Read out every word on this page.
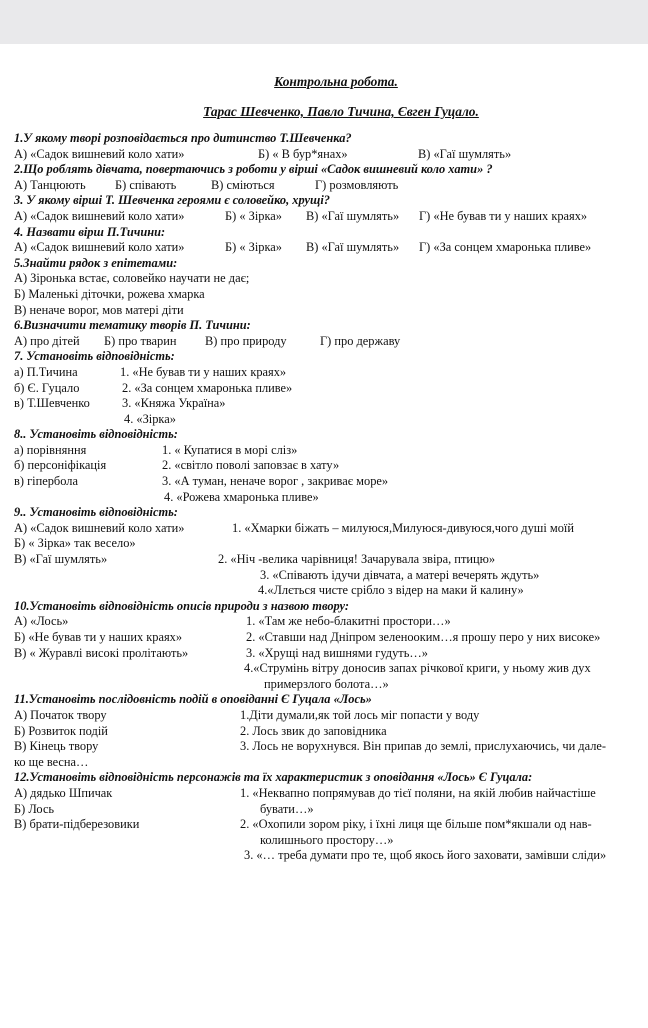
Контрольна робота.
Тарас Шевченко, Павло Тичина, Євген Гуцало.
1.У якому творі розповідається про дитинство Т.Шевченка?
А) «Садок вишневий коло хати»	Б) « В бур*янах»	В) «Гаї шумлять»
2.Що роблять дівчата, повертаючись з роботи у вірші «Садок вишневий коло хати» ?
А) Танцюють Б) співають	В) сміються	Г) розмовляють
3. У якому вірші Т. Шевченка героями є соловейко, хрущі?
А) «Садок вишневий коло хати»	Б) « Зірка» В) «Гаї шумлять» Г) «Не бував ти у наших краях»
4. Назвати вірш П.Тичини:
А) «Садок вишневий коло хати»	Б) « Зірка» В) «Гаї шумлять» Г) «За сонцем хмаронька пливе»
5.Знайти рядок з епітетами:
А) Зіронька встає, соловейко научати не дає;
Б) Маленькі діточки, рожева хмарка
В) неначе ворог, мов матері діти
6.Визначити тематику творів П. Тичини:
А) про дітей Б) про тварин В) про природу	Г) про державу
7. Установіть відповідність:
а) П.Тичина	1. «Не бував ти у наших краях»
б) Є. Гуцало	2. «За сонцем хмаронька пливе»
в) Т.Шевченко	3. «Княжа Україна»
4. «Зірка»
8.. Установіть відповідність:
а) порівняння	1. « Купатися в морі сліз»
б) персоніфікація	2. «світло поволі заповзає в хату»
в) гіпербола	3. «А туман, неначе ворог , закриває море»
4. «Рожева хмаронька пливе»
9.. Установіть відповідність:
А) «Садок вишневий коло хати»	1. «Хмарки біжать – милуюся,Милуюся-дивуюся,чого душі моїй
Б) « Зірка» так весело»
В) «Гаї шумлять»	2. «Ніч -велика чарівниця! Зачарувала звіра, птицю»
3. «Співають ідучи дівчата, а матері вечерять ждуть»
4.«Ллється чисте срібло з відер на маки й калину»
10.Установіть відповідність описів природи з назвою твору:
А) «Лось»	1. «Там же небо-блакитні простори…»
Б) «Не бував ти у наших краях»	2. «Ставши над Дніпром зеленооким…я прошу перо у них високе»
В) « Журавлі високі пролітають»	3. «Хрущі над вишнями гудуть…»
4.«Струмінь вітру доносив запах річкової криги, у ньому жив дух
примерзлого болота…»
11.Установіть послідовність подій в оповіданні Є Гуцала «Лось»
А) Початок твору	1.Діти думали,як той лось міг попасти у воду
Б) Розвиток подій	2. Лось звик до заповідника
В) Кінець твору	3. Лось не ворухнувся. Він припав до землі, прислухаючись, чи дале-
ко ще весна…
12.Установіть відповідність персонажів та їх характеристик з оповідання «Лось» Є Гуцала:
А) дядько Шпичак	1. «Неквапно попрямував до тієї поляни, на якій любив найчастіше
Б) Лось	бувати…»
В) брати-підберезовики	2. «Охопили зором ріку, і їхні лиця ще більше пом*якшали од нав-
колишнього простору…»
3. «… треба думати про те, щоб якось його заховати, замівши сліди»
